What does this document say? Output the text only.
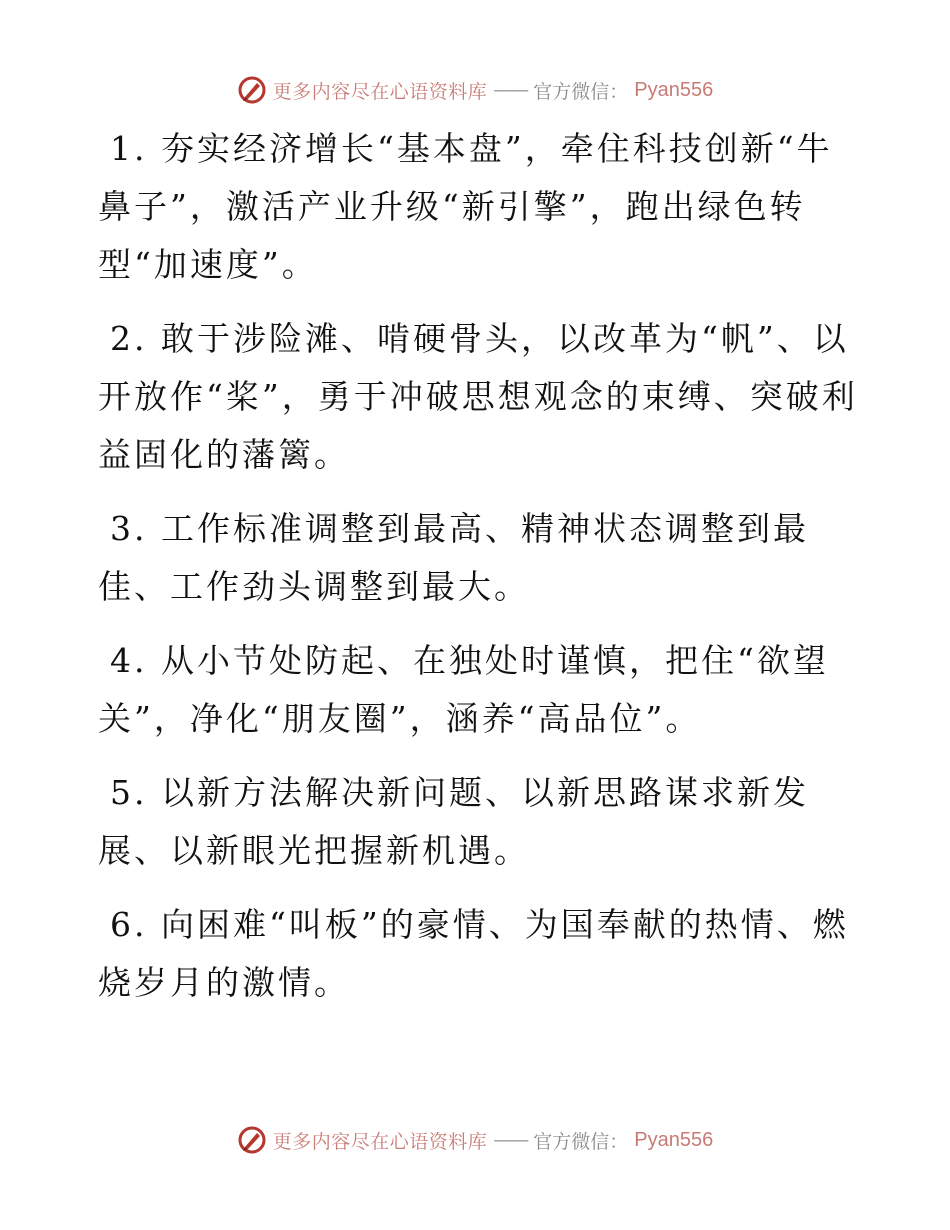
更多内容尽在心语资料库 —— 官方微信： Pyan556

1. 夯实经济增长“基本盘”，牵住科技创新“牛鼻子”，激活产业升级“新引擎”，跑出绿色转型“加速度”。

2. 敢于涉险滩、啃硬骨头，以改革为“帆”、以开放作“桨”，勇于冲破思想观念的束缚、突破利益固化的藩篱。

3. 工作标准调整到最高、精神状态调整到最佳、工作劲头调整到最大。

4. 从小节处防起、在独处时谨慎，把住“欲望关”，净化“朋友圈”，涵养“高品位”。

5. 以新方法解决新问题、以新思路谋求新发展、以新眼光把握新机遇。

6. 向困难“叫板”的豪情、为国奉献的热情、燃烧岁月的激情。

更多内容尽在心语资料库 —— 官方微信： Pyan556
